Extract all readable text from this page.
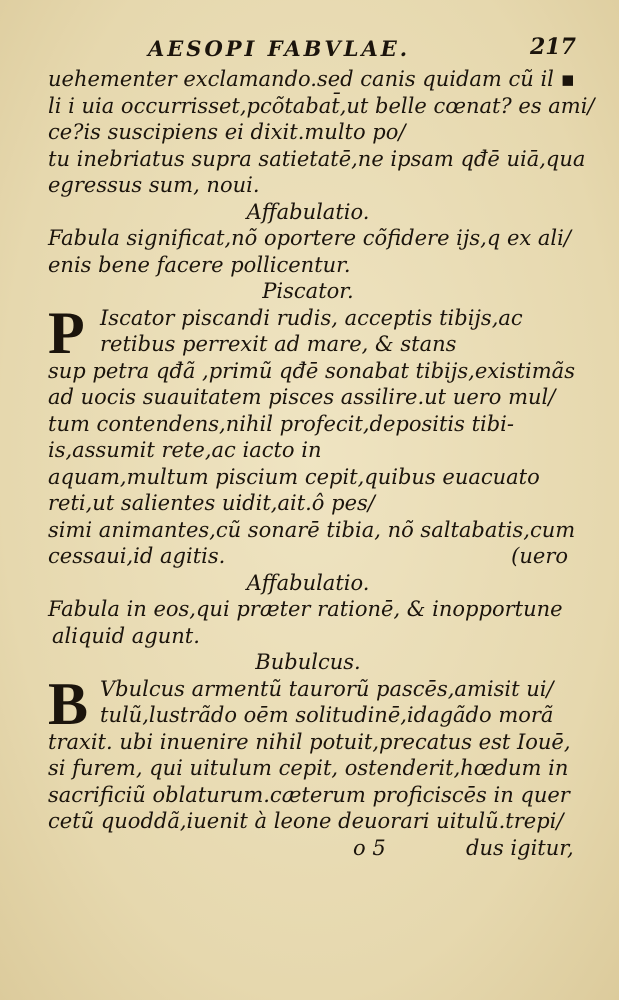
AESOPI FABVLAE.	217
uehementer exclamando.sed canis quidam cũ il ▪
li i uia occurrisset,pcõtabat̄,ut belle cœnat? es ami/
ce?is suscipiens ei dixit.multo po/
tu inebriatus supra satietatē,ne ipsam qđē uiā,qua
egressus sum, noui.
Affabulatio.
Fabula significat,nõ oportere cõfidere ijs,q ex ali/
enis bene facere pollicentur.
Piscator.
P Iscator piscandi rudis, acceptis tibijs,ac
retibus perrexit ad mare, & stans
sup petra qđã ,primũ qđē sonabat tibijs,existimãs
ad uocis suauitatem pisces assilire.ut uero mul/
tum contendens,nihil profecit,depositis tibi-
is,assumit rete,ac iacto in
aquam,multum piscium cepit,quibus euacuato
reti,ut salientes uidit,ait.ô pes/
simi animantes,cũ sonarē tibia, nõ saltabatis,cum
cessaui,id agitis.	(uero
Affabulatio.
Fabula in eos,qui præter rationē, & inopportune
aliquid agunt.
Bubulcus.
B Vbulcus armentũ taurorũ pascēs,amisit ui/
tulũ,lustrãdo oēm solitudinē,idagãdo morã
traxit. ubi inuenire nihil potuit,precatus est Iouē,
si furem, qui uitulum cepit, ostenderit,hœdum in
sacrificiũ oblaturum.cæterum proficiscēs in quer
cetũ quoddã,iuenit à leone deuorari uitulũ.trepi/
o 5	dus igitur,
